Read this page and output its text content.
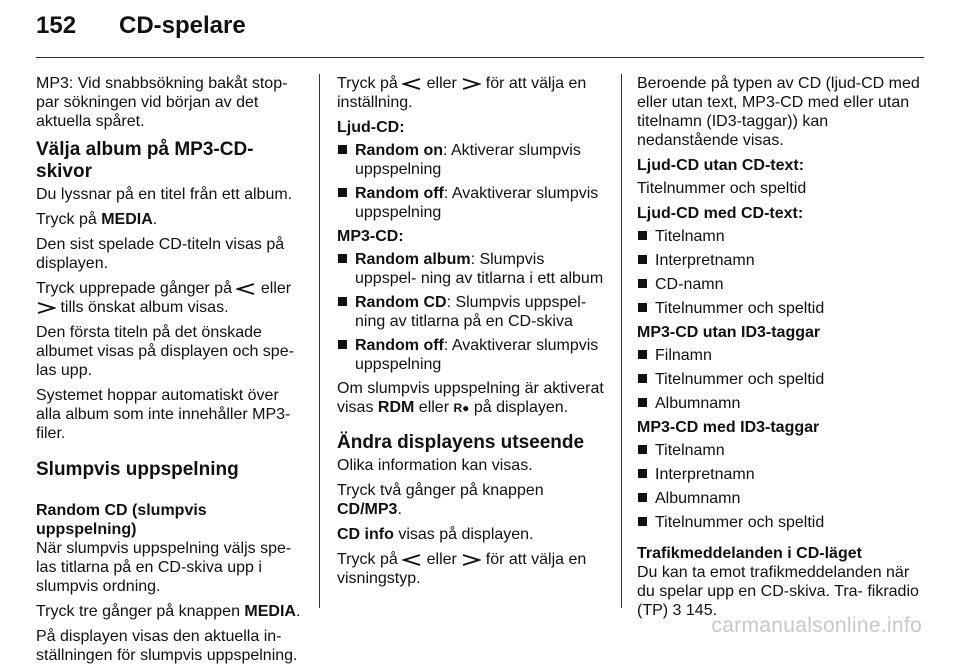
152	CD-spelare

MP3: Vid snabbsökning bakåt stop- par sökningen vid början av det aktuella spåret.

Välja album på MP3-CD-skivor

Du lyssnar på en titel från ett album.

Tryck på MEDIA.

Den sist spelade CD-titeln visas på displayen.

Tryck upprepade gånger på  eller
tills önskat album visas.

Den första titeln på det önskade albumet visas på displayen och spe- las upp.

Systemet hoppar automatiskt över alla album som inte innehåller MP3- filer.

Slumpvis uppspelning
Random CD (slumpvis uppspelning)

När slumpvis uppspelning väljs spe- las titlarna på en CD-skiva upp i slumpvis ordning.

Tryck tre gånger på knappen MEDIA.

På displayen visas den aktuella in- ställningen för slumpvis uppspelning.

Tryck på  eller  för att välja en inställning.

Ljud-CD:
Random on: Aktiverar slumpvis uppspelning
Random off: Avaktiverar slumpvis uppspelning
MP3-CD:
Random album: Slumpvis uppspel- ning av titlarna i ett album
Random CD: Slumpvis uppspel- ning av titlarna på en CD-skiva
Random off: Avaktiverar slumpvis uppspelning

Om slumpvis uppspelning är aktiverat visas RDM eller R● på displayen.

Ändra displayens utseende

Olika information kan visas.

Tryck två gånger på knappen CD/MP3.

CD info visas på displayen.

Tryck på  eller  för att välja en visningstyp.

Beroende på typen av CD (ljud-CD med eller utan text, MP3-CD med eller utan titelnamn (ID3-taggar)) kan nedanstående visas.

Ljud-CD utan CD-text:

Titelnummer och speltid

Ljud-CD med CD-text:
Titelnamn
Interpretnamn
CD-namn
Titelnummer och speltid
MP3-CD utan ID3-taggar
Filnamn
Titelnummer och speltid
Albumnamn
MP3-CD med ID3-taggar
Titelnamn
Interpretnamn
Albumnamn
Titelnummer och speltid
Trafikmeddelanden i CD-läget

Du kan ta emot trafikmeddelanden när du spelar upp en CD-skiva. Tra- fikradio (TP) 3 145.

carmanualsonline.info
